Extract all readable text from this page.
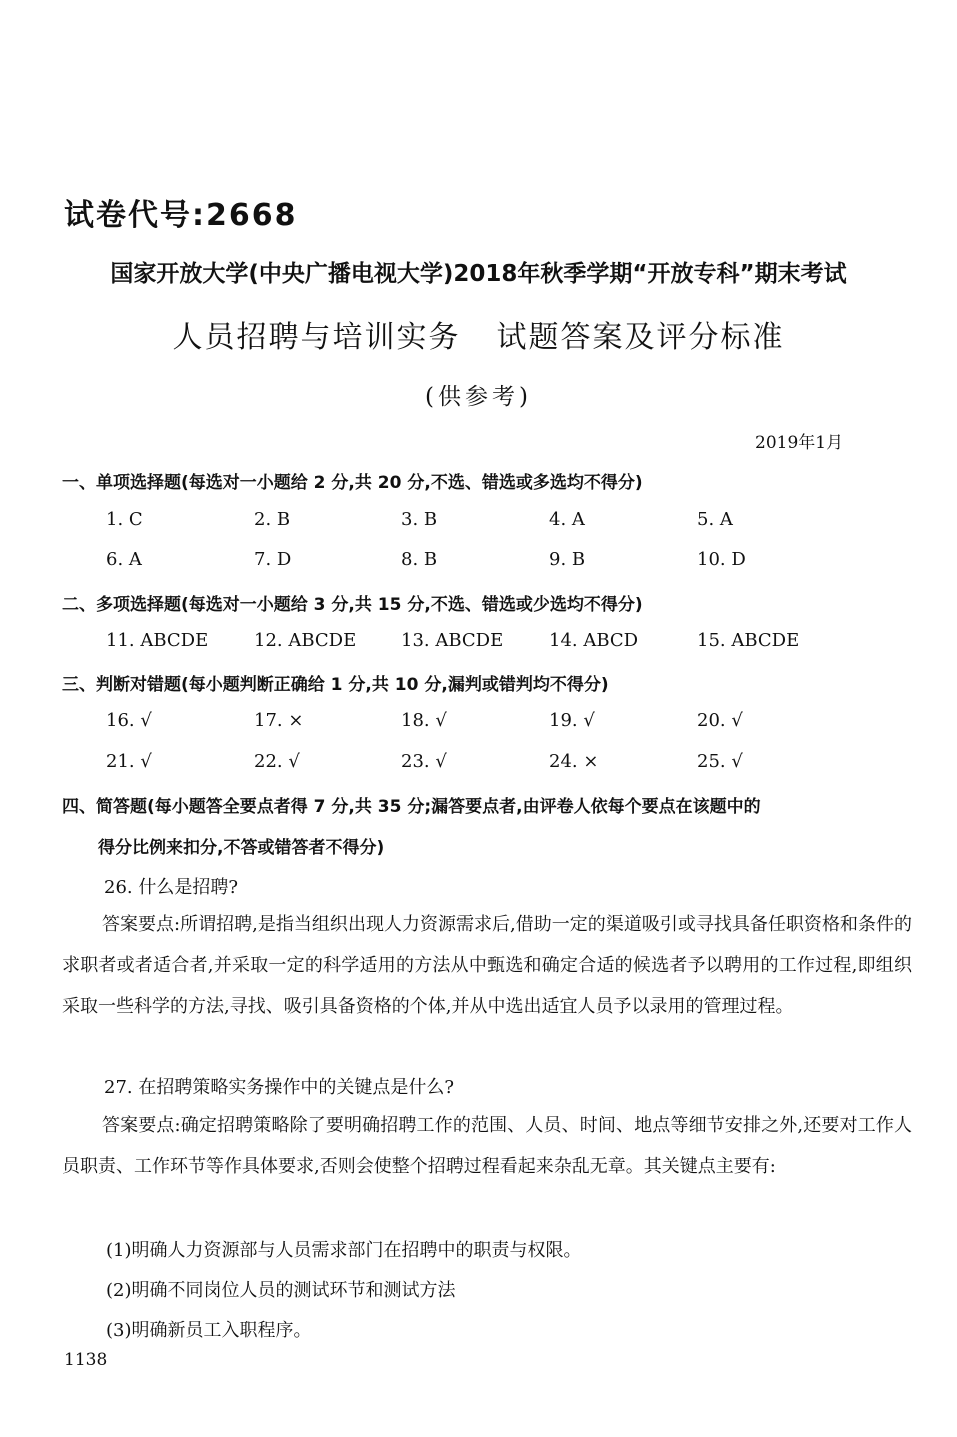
试卷代号:2668
国家开放大学(中央广播电视大学)2018年秋季学期“开放专科”期末考试
人员招聘与培训实务 试题答案及评分标准
(供参考)
2019年1月
一、单项选择题(每选对一小题给 2 分,共 20 分,不选、错选或多选均不得分)
1. C	2. B	3. B	4. A	5. A
6. A	7. D	8. B	9. B	10. D
二、多项选择题(每选对一小题给 3 分,共 15 分,不选、错选或少选均不得分)
11. ABCDE	12. ABCDE 13. ABCDE	14. ABCD	15. ABCDE
三、判断对错题(每小题判断正确给 1 分,共 10 分,漏判或错判均不得分)
16. √	17. ×	18. √	19. √	20. √
21. √	22. √	23. √	24. ×	25. √
四、简答题(每小题答全要点者得 7 分,共 35 分;漏答要点者,由评卷人依每个要点在该题中的
得分比例来扣分,不答或错答者不得分)
26. 什么是招聘?
答案要点:所谓招聘,是指当组织出现人力资源需求后,借助一定的渠道吸引或寻找具备任职资格和条件的求职者或者适合者,并采取一定的科学适用的方法从中甄选和确定合适的候选者予以聘用的工作过程,即组织采取一些科学的方法,寻找、吸引具备资格的个体,并从中选出适宜人员予以录用的管理过程。
27. 在招聘策略实务操作中的关键点是什么?
答案要点:确定招聘策略除了要明确招聘工作的范围、人员、时间、地点等细节安排之外,还要对工作人员职责、工作环节等作具体要求,否则会使整个招聘过程看起来杂乱无章。其关键点主要有:
(1)明确人力资源部与人员需求部门在招聘中的职责与权限。
(2)明确不同岗位人员的测试环节和测试方法
(3)明确新员工入职程序。
1138
